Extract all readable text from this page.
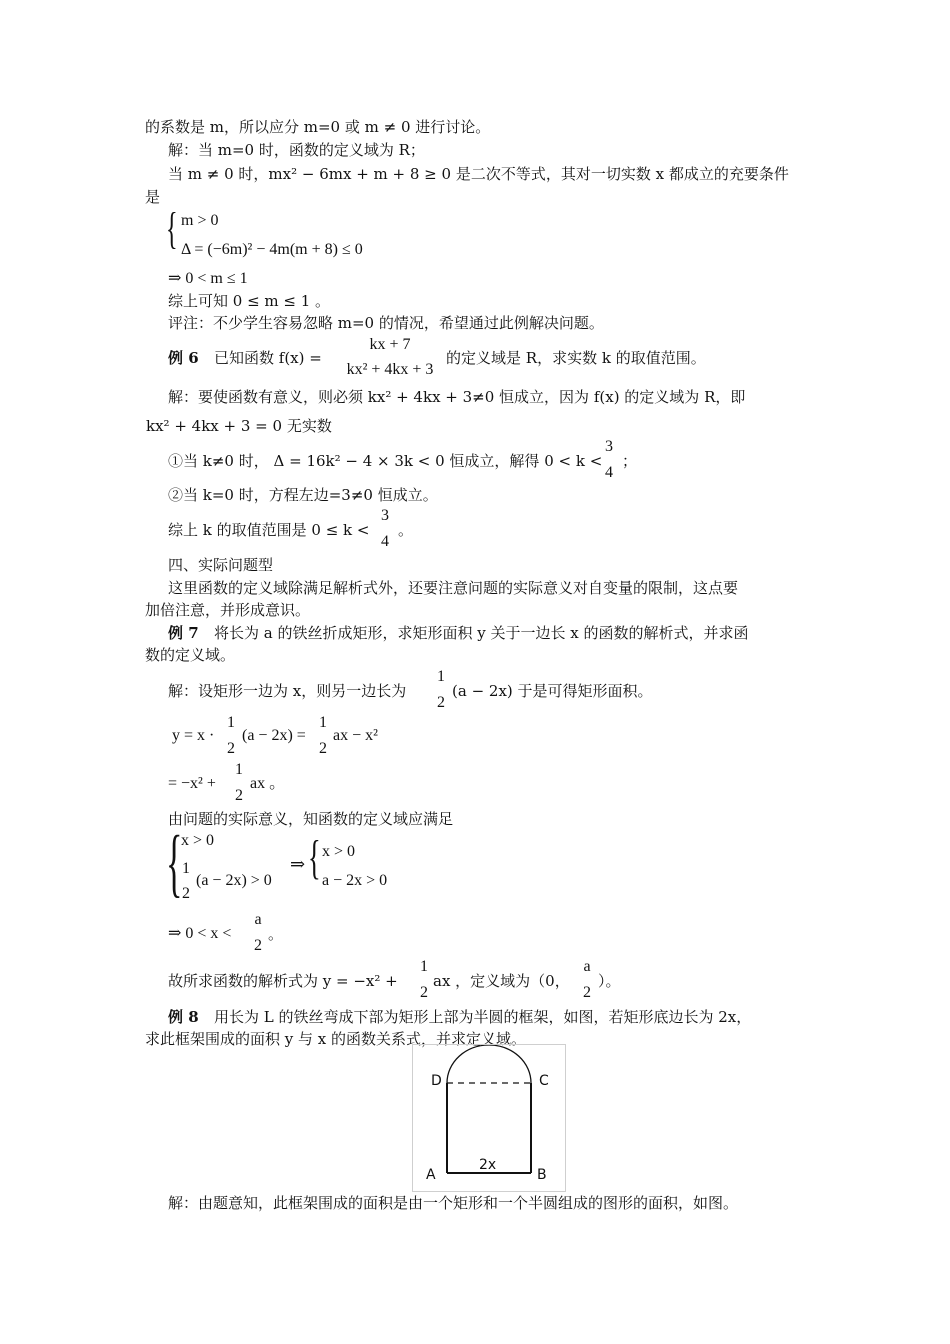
的系数是 m，所以应分 m=0 或 m ≠ 0 进行讨论。
解：当 m=0 时，函数的定义域为 R；
当 m ≠ 0 时，mx² − 6mx + m + 8 ≥ 0 是二次不等式，其对一切实数 x 都成立的充要条件
是
{ m > 0
Δ = (−6m)² − 4m(m + 8) ≤ 0
⇒ 0 < m ≤ 1
综上可知 0 ≤ m ≤ 1 。
评注：不少学生容易忽略 m=0 的情况，希望通过此例解决问题。
例 6 已知函数 f(x) =
kx + 7
kx² + 4kx + 3
的定义域是 R，求实数 k 的取值范围。
解：要使函数有意义，则必须 kx² + 4kx + 3≠0 恒成立，因为 f(x) 的定义域为 R，即
kx² + 4kx + 3 = 0 无实数
①当 k≠0 时， Δ = 16k² − 4 × 3k < 0 恒成立，解得 0 < k <
3
4
；
②当 k=0 时，方程左边=3≠0 恒成立。
综上 k 的取值范围是 0 ≤ k <
3
4
。
四、实际问题型
这里函数的定义域除满足解析式外，还要注意问题的实际意义对自变量的限制，这点要
加倍注意，并形成意识。
例 7 将长为 a 的铁丝折成矩形，求矩形面积 y 关于一边长 x 的函数的解析式，并求函
数的定义域。
解：设矩形一边为 x，则另一边长为
1
2
(a − 2x) 于是可得矩形面积。
y = x ·
1
2
(a − 2x) =
1
2
ax − x²
= −x² +
1
2
ax 。
由问题的实际意义，知函数的定义域应满足
{
x > 0
1
2
(a − 2x) > 0
⇒ { x > 0
a − 2x > 0
⇒ 0 < x <
a
2
。
故所求函数的解析式为 y = −x² +
1
2
ax ，定义域为（0，
a
2
）。
例 8 用长为 L 的铁丝弯成下部为矩形上部为半圆的框架，如图，若矩形底边长为 2x，
求此框架围成的面积 y 与 x 的函数关系式，并求定义域。
D	C
A	B
2x
解：由题意知，此框架围成的面积是由一个矩形和一个半圆组成的图形的面积，如图。
